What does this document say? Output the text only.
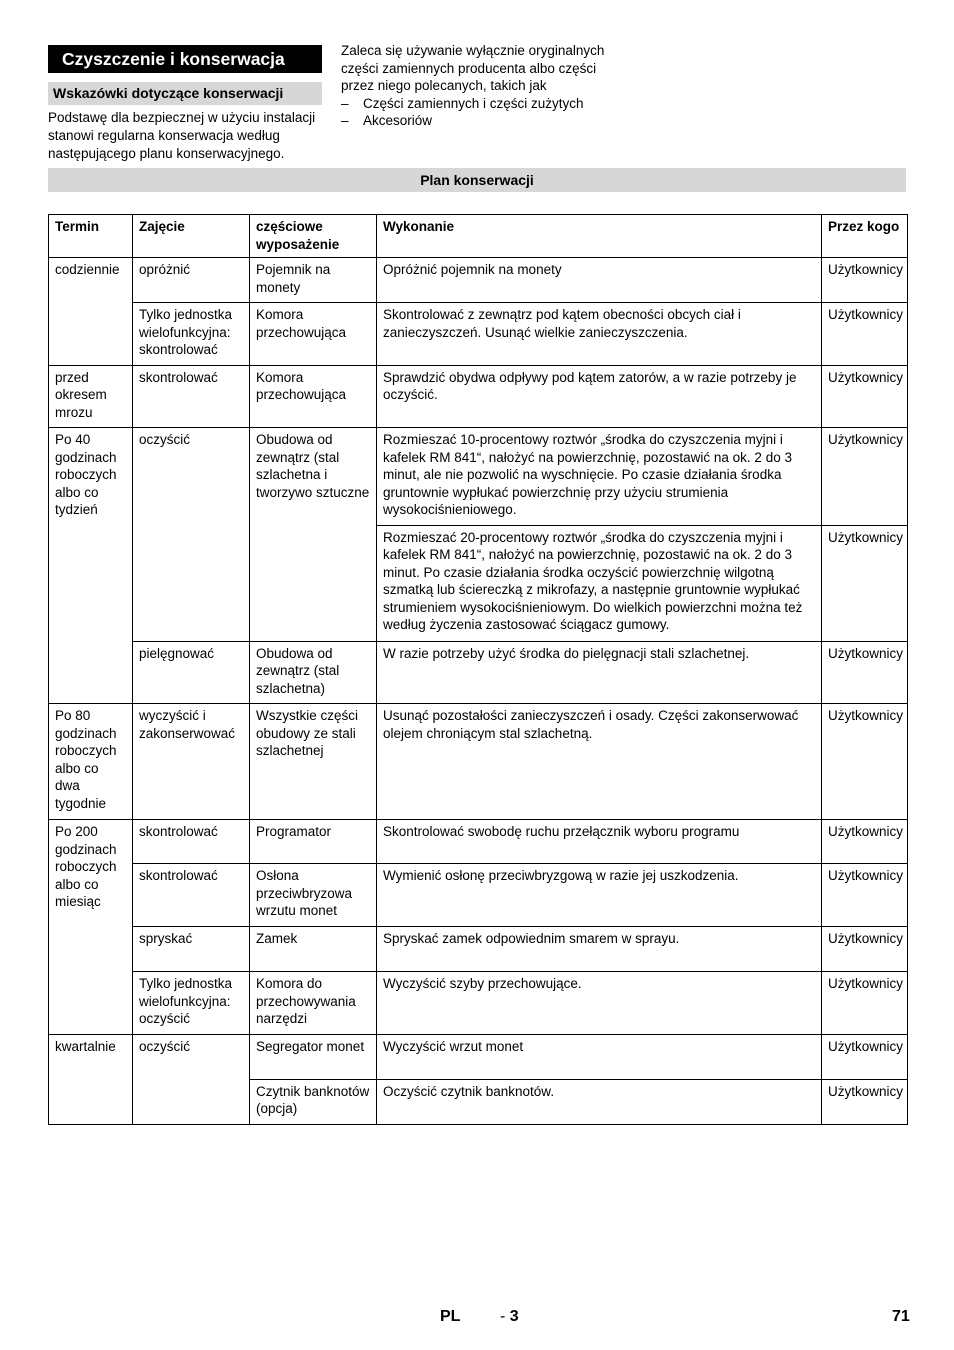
Czyszczenie i konserwacja
Wskazówki dotyczące konserwacji
Podstawę dla bezpiecznej w użyciu instalacji stanowi regularna konserwacja według następującego planu konserwacyjnego.
Zaleca się używanie wyłącznie oryginalnych części zamiennych producenta albo części przez niego polecanych, takich jak
–	Części zamiennych i części zużytych
–	Akcesoriów
Plan konserwacji
Termin	Zajęcie	częściowe wyposażenie	Wykonanie	Przez kogo
codziennie	opróżnić	Pojemnik na monety	Opróżnić pojemnik na monety	Użytkownicy
	Tylko jednostka wielofunkcyjna: skontrolować	Komora przechowująca	Skontrolować z zewnątrz pod kątem obecności obcych ciał i zanieczyszczeń. Usunąć wielkie zanieczyszczenia.	Użytkownicy
przed okresem mrozu	skontrolować	Komora przechowująca	Sprawdzić obydwa odpływy pod kątem zatorów, a w razie potrzeby je oczyścić.	Użytkownicy
Po 40 godzinach roboczych albo co tydzień	oczyścić	Obudowa od zewnątrz (stal szlachetna i tworzywo sztuczne	Rozmieszać 10-procentowy roztwór „środka do czyszczenia myjni i kafelek RM 841“, nałożyć na powierzchnię, pozostawić na ok. 2 do 3 minut, ale nie pozwolić na wyschnięcie. Po czasie działania środka gruntownie wypłukać powierzchnię przy użyciu strumienia wysokociśnieniowego.	Użytkownicy
			Rozmieszać 20-procentowy roztwór „środka do czyszczenia myjni i kafelek RM 841“, nałożyć na powierzchnię, pozostawić na ok. 2 do 3 minut. Po czasie działania środka oczyścić powierzchnię wilgotną szmatką lub ściereczką z mikrofazy, a następnie gruntownie wypłukać strumieniem wysokociśnieniowym. Do wielkich powierzchni można też według życzenia zastosować ściągacz gumowy.	Użytkownicy
	pielęgnować	Obudowa od zewnątrz (stal szlachetna)	W razie potrzeby użyć środka do pielęgnacji stali szlachetnej.	Użytkownicy
Po 80 godzinach roboczych albo co dwa tygodnie	wyczyścić i zakonserwować	Wszystkie części obudowy ze stali szlachetnej	Usunąć pozostałości zanieczyszczeń i osady. Części zakonserwować olejem chroniącym stal szlachetną.	Użytkownicy
Po 200 godzinach roboczych albo co miesiąc	skontrolować	Programator	Skontrolować swobodę ruchu przełącznik wyboru programu	Użytkownicy
	skontrolować	Osłona przeciwbryzowa wrzutu monet	Wymienić osłonę przeciwbryzgową w razie jej uszkodzenia.	Użytkownicy
	spryskać	Zamek	Spryskać zamek odpowiednim smarem w sprayu.	Użytkownicy
	Tylko jednostka wielofunkcyjna: oczyścić	Komora do przechowywania narzędzi	Wyczyścić szyby przechowujące.	Użytkownicy
kwartalnie	oczyścić	Segregator monet	Wyczyścić wrzut monet	Użytkownicy
		Czytnik banknotów (opcja)	Oczyścić czytnik banknotów.	Użytkownicy
PL - 3	71
